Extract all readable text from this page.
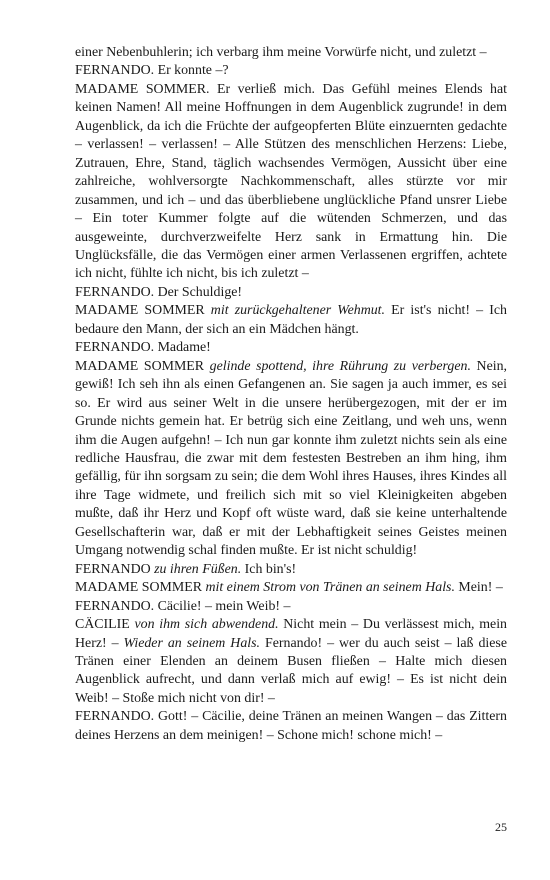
einer Nebenbuhlerin; ich verbarg ihm meine Vorwürfe nicht, und zuletzt –

FERNANDO. Er konnte –?

MADAME SOMMER. Er verließ mich. Das Gefühl meines Elends hat keinen Namen! All meine Hoffnungen in dem Augenblick zugrunde! in dem Augenblick, da ich die Früchte der aufgeopferten Blüte einzuernten gedachte – verlassen! – verlassen! – Alle Stützen des menschlichen Herzens: Liebe, Zutrauen, Ehre, Stand, täglich wachsendes Vermögen, Aussicht über eine zahlreiche, wohlversorgte Nachkommenschaft, alles stürzte vor mir zusammen, und ich – und das überbliebene unglückliche Pfand unsrer Liebe – Ein toter Kummer folgte auf die wütenden Schmerzen, und das ausgeweinte, durchverzweifelte Herz sank in Ermattung hin. Die Unglücksfälle, die das Vermögen einer armen Verlassenen ergriffen, achtete ich nicht, fühlte ich nicht, bis ich zuletzt –

FERNANDO. Der Schuldige!

MADAME SOMMER mit zurückgehaltener Wehmut. Er ist's nicht! – Ich bedaure den Mann, der sich an ein Mädchen hängt.

FERNANDO. Madame!

MADAME SOMMER gelinde spottend, ihre Rührung zu verbergen. Nein, gewiß! Ich seh ihn als einen Gefangenen an. Sie sagen ja auch immer, es sei so. Er wird aus seiner Welt in die unsere herübergezogen, mit der er im Grunde nichts gemein hat. Er betrüg sich eine Zeitlang, und weh uns, wenn ihm die Augen aufgehn! – Ich nun gar konnte ihm zuletzt nichts sein als eine redliche Hausfrau, die zwar mit dem festesten Bestreben an ihm hing, ihm gefällig, für ihn sorgsam zu sein; die dem Wohl ihres Hauses, ihres Kindes all ihre Tage widmete, und freilich sich mit so viel Kleinigkeiten abgeben mußte, daß ihr Herz und Kopf oft wüste ward, daß sie keine unterhaltende Gesellschafterin war, daß er mit der Lebhaftigkeit seines Geistes meinen Umgang notwendig schal finden mußte. Er ist nicht schuldig!

FERNANDO zu ihren Füßen. Ich bin's!

MADAME SOMMER mit einem Strom von Tränen an seinem Hals. Mein! –

FERNANDO. Cäcilie! – mein Weib! –

CÄCILIE von ihm sich abwendend. Nicht mein – Du verlässest mich, mein Herz! – Wieder an seinem Hals. Fernando! – wer du auch seist – laß diese Tränen einer Elenden an deinem Busen fließen – Halte mich diesen Augenblick aufrecht, und dann verlaß mich auf ewig! – Es ist nicht dein Weib! – Stoße mich nicht von dir! –

FERNANDO. Gott! – Cäcilie, deine Tränen an meinen Wangen – das Zittern deines Herzens an dem meinigen! – Schone mich! schone mich! –

25
